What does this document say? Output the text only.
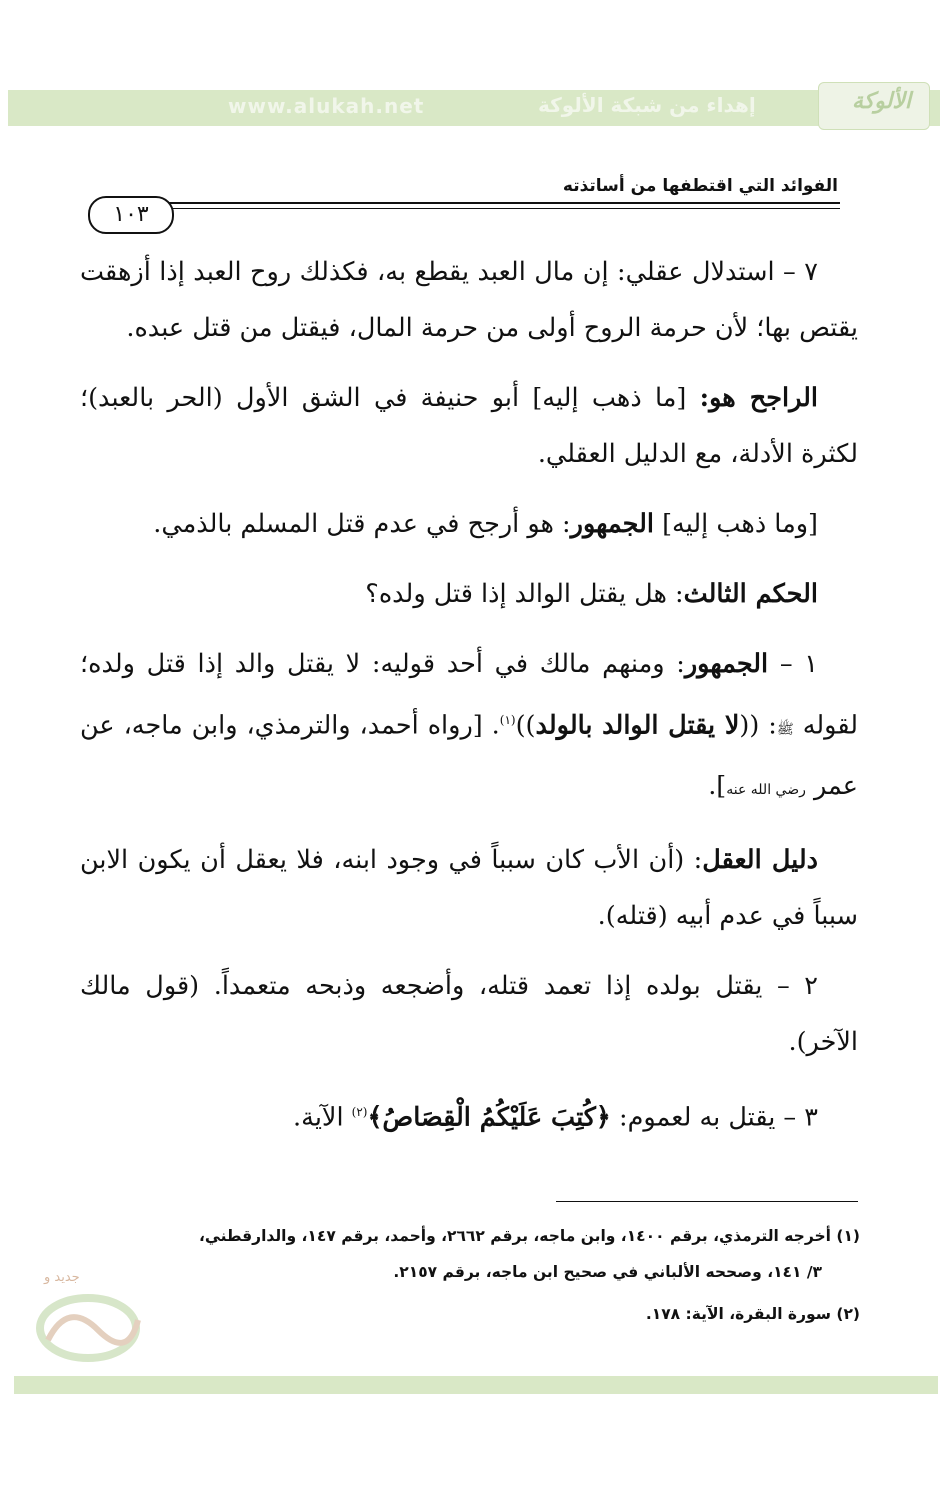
www.alukah.net	إهداء من شبكة الألوكة	الألوكة
الفوائد التي اقتطفها من أساتذته
١٠٣

٧ – استدلال عقلي: إن مال العبد يقطع به، فكذلك روح العبد إذا أزهقت يقتص بها؛ لأن حرمة الروح أولى من حرمة المال، فيقتل من قتل عبده.

الراجح هو: [ما ذهب إليه] أبو حنيفة في الشق الأول (الحر بالعبد)؛ لكثرة الأدلة، مع الدليل العقلي.

[وما ذهب إليه] الجمهور: هو أرجح في عدم قتل المسلم بالذمي.

الحكم الثالث: هل يقتل الوالد إذا قتل ولده؟

١ – الجمهور: ومنهم مالك في أحد قوليه: لا يقتل والد إذا قتل ولده؛ لقوله ﷺ: ((لا يقتل الوالد بالولد))$^{(١)}$. [رواه أحمد، والترمذي، وابن ماجه، عن عمر رضي الله عنه].

دليل العقل: (أن الأب كان سبباً في وجود ابنه، فلا يعقل أن يكون الابن سبباً في عدم أبيه (قتله).

٢ – يقتل بولده إذا تعمد قتله، وأضجعه وذبحه متعمداً. (قول مالك الآخر).

٣ – يقتل به لعموم: ﴿كُتِبَ عَلَيْكُمُ الْقِصَاصُ﴾$^{(٢)}$ الآية.

(١) أخرجه الترمذي، برقم ١٤٠٠، وابن ماجه، برقم ٢٦٦٢، وأحمد، برقم ١٤٧، والدارقطني،

٣/ ١٤١، وصححه الألباني في صحيح ابن ماجه، برقم ٢١٥٧.

(٢) سورة البقرة، الآية: ١٧٨.

جديد و
